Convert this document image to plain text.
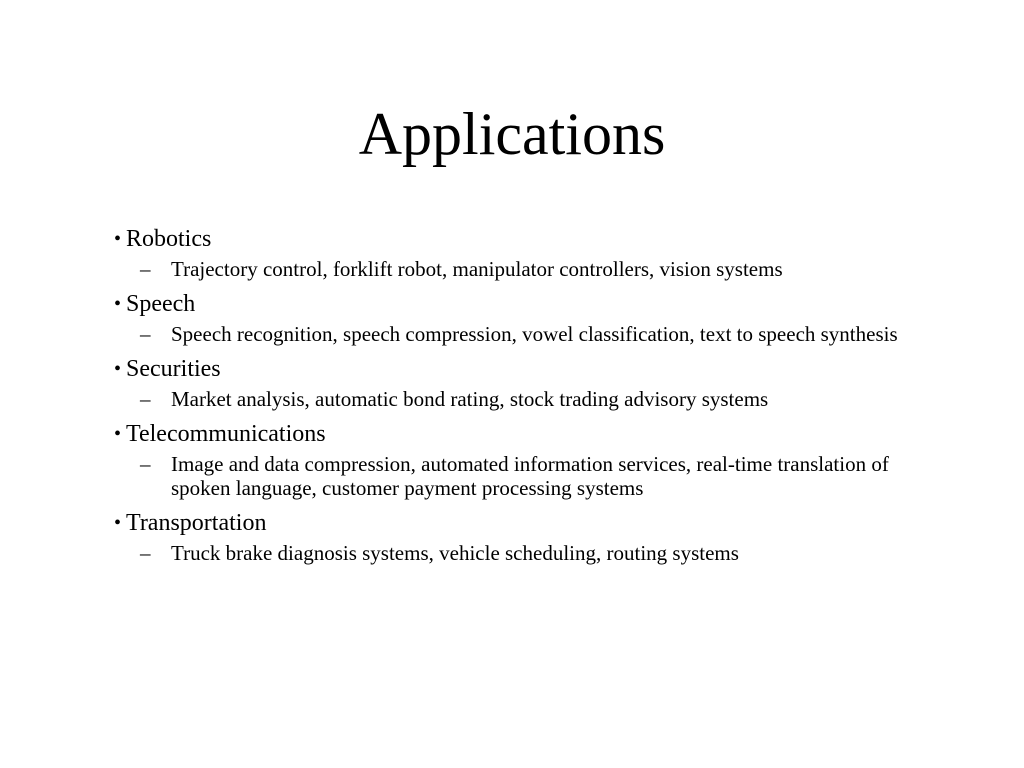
Applications
• Robotics
– Trajectory control, forklift robot, manipulator controllers, vision systems
• Speech
– Speech recognition, speech compression, vowel classification, text to speech synthesis
• Securities
– Market analysis, automatic bond rating, stock trading advisory systems
• Telecommunications
– Image and data compression, automated information services, real-time translation of spoken language, customer payment processing systems
• Transportation
– Truck brake diagnosis systems, vehicle scheduling, routing systems
